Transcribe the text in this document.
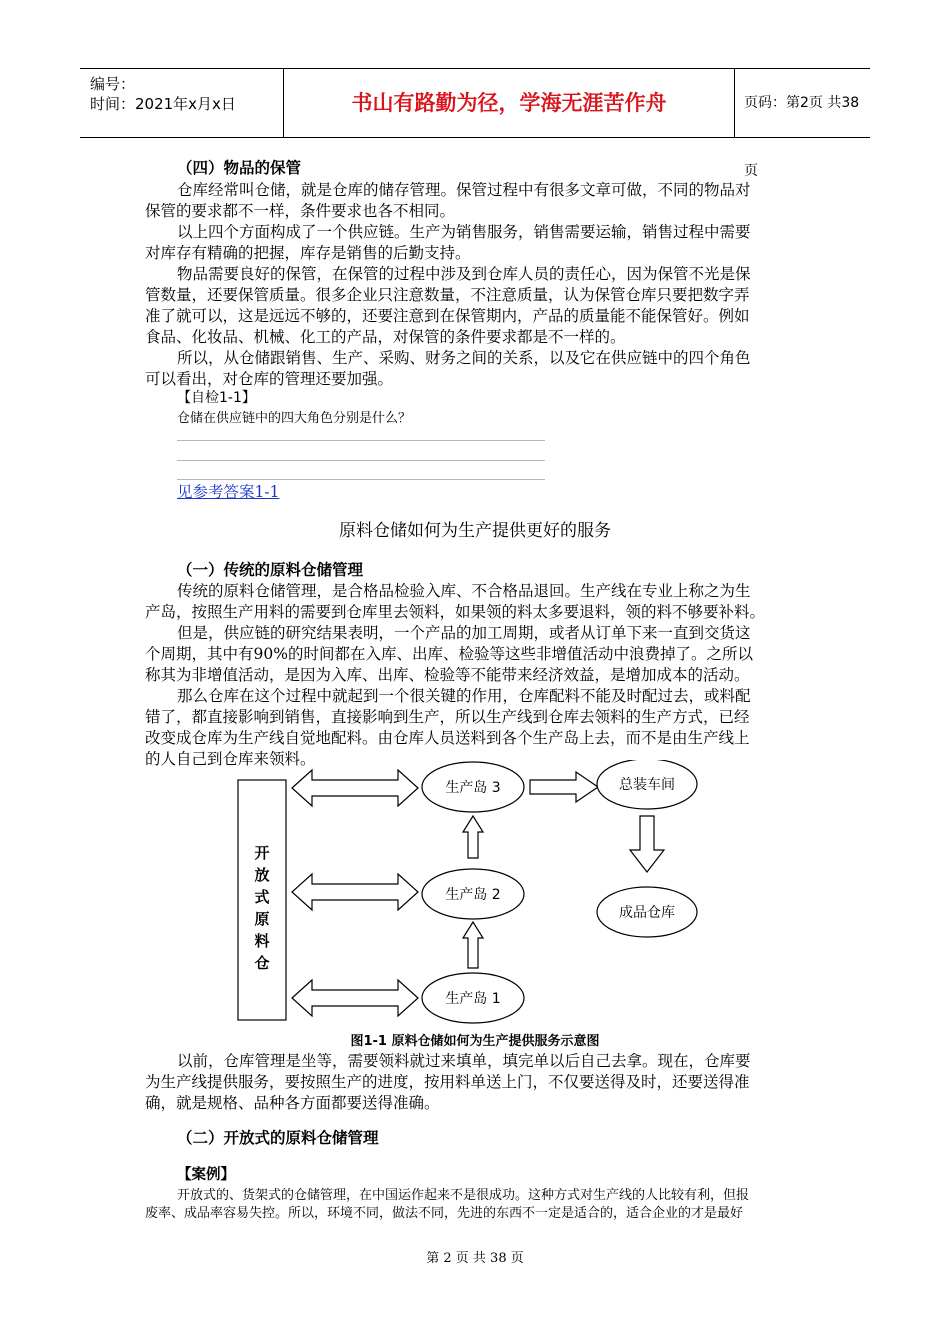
编号：
时间：2021年x月x日	书山有路勤为径，学海无涯苦作舟	页码：第2页 共38页
（四）物品的保管
仓库经常叫仓储，就是仓库的储存管理。保管过程中有很多文章可做，不同的物品对
保管的要求都不一样，条件要求也各不相同。
以上四个方面构成了一个供应链。生产为销售服务，销售需要运输，销售过程中需要
对库存有精确的把握，库存是销售的后勤支持。
物品需要良好的保管，在保管的过程中涉及到仓库人员的责任心，因为保管不光是保
管数量，还要保管质量。很多企业只注意数量，不注意质量，认为保管仓库只要把数字弄
准了就可以，这是远远不够的，还要注意到在保管期内，产品的质量能不能保管好。例如
食品、化妆品、机械、化工的产品，对保管的条件要求都是不一样的。
所以，从仓储跟销售、生产、采购、财务之间的关系，以及它在供应链中的四个角色
可以看出，对仓库的管理还要加强。
【自检1-1】
仓储在供应链中的四大角色分别是什么？
见参考答案1-1
原料仓储如何为生产提供更好的服务
（一）传统的原料仓储管理
传统的原料仓储管理，是合格品检验入库、不合格品退回。生产线在专业上称之为生
产岛，按照生产用料的需要到仓库里去领料，如果领的料太多要退料，领的料不够要补料。
但是，供应链的研究结果表明，一个产品的加工周期，或者从订单下来一直到交货这
个周期，其中有90%的时间都在入库、出库、检验等这些非增值活动中浪费掉了。之所以
称其为非增值活动，是因为入库、出库、检验等不能带来经济效益，是增加成本的活动。
那么仓库在这个过程中就起到一个很关键的作用，仓库配料不能及时配过去，或料配
错了，都直接影响到销售，直接影响到生产，所以生产线到仓库去领料的生产方式，已经
改变成仓库为生产线自觉地配料。由仓库人员送料到各个生产岛上去，而不是由生产线上
的人自己到仓库来领料。
开
放
式
原
料
仓
生产岛 3
生产岛 2
生产岛 1
总装车间
成品仓库
图1-1 原料仓储如何为生产提供服务示意图
以前，仓库管理是坐等，需要领料就过来填单，填完单以后自己去拿。现在，仓库要
为生产线提供服务，要按照生产的进度，按用料单送上门，不仅要送得及时，还要送得准
确，就是规格、品种各方面都要送得准确。
（二）开放式的原料仓储管理
【案例】
开放式的、货架式的仓储管理，在中国运作起来不是很成功。这种方式对生产线的人比较有利，但报
废率、成品率容易失控。所以，环境不同，做法不同，先进的东西不一定是适合的，适合企业的才是最好
第 2 页 共 38 页
